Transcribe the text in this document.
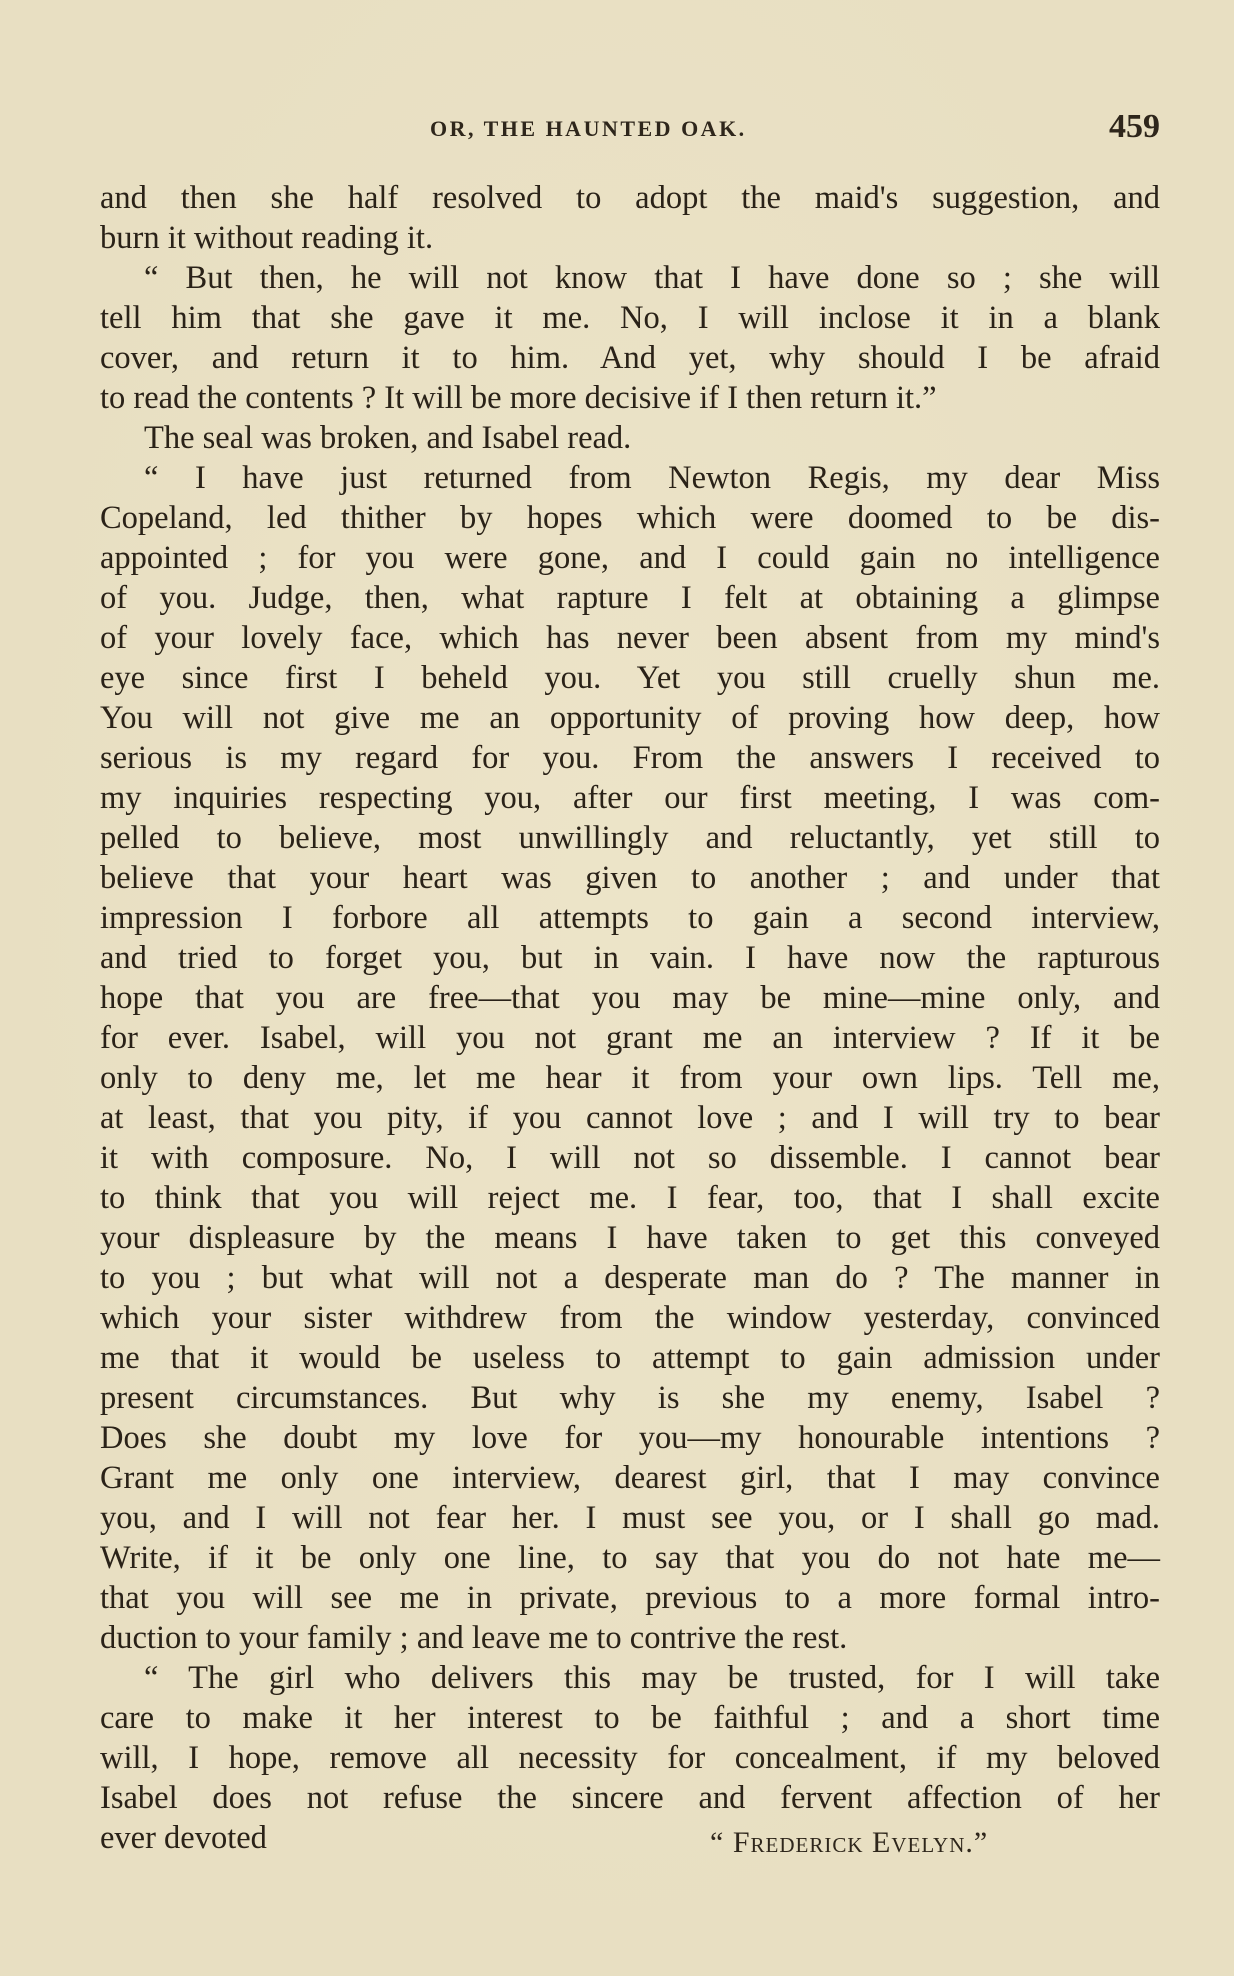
OR, THE HAUNTED OAK.	459
and then she half resolved to adopt the maid's suggestion, and
burn it without reading it.
“ But then, he will not know that I have done so ; she will
tell him that she gave it me. No, I will inclose it in a blank
cover, and return it to him. And yet, why should I be afraid
to read the contents ? It will be more decisive if I then return it.”
The seal was broken, and Isabel read.
“ I have just returned from Newton Regis, my dear Miss
Copeland, led thither by hopes which were doomed to be dis-
appointed ; for you were gone, and I could gain no intelligence
of you. Judge, then, what rapture I felt at obtaining a glimpse
of your lovely face, which has never been absent from my mind's
eye since first I beheld you. Yet you still cruelly shun me.
You will not give me an opportunity of proving how deep, how
serious is my regard for you. From the answers I received to
my inquiries respecting you, after our first meeting, I was com-
pelled to believe, most unwillingly and reluctantly, yet still to
believe that your heart was given to another ; and under that
impression I forbore all attempts to gain a second interview,
and tried to forget you, but in vain. I have now the rapturous
hope that you are free—that you may be mine—mine only, and
for ever. Isabel, will you not grant me an interview ? If it be
only to deny me, let me hear it from your own lips. Tell me,
at least, that you pity, if you cannot love ; and I will try to bear
it with composure. No, I will not so dissemble. I cannot bear
to think that you will reject me. I fear, too, that I shall excite
your displeasure by the means I have taken to get this conveyed
to you ; but what will not a desperate man do ? The manner in
which your sister withdrew from the window yesterday, convinced
me that it would be useless to attempt to gain admission under
present circumstances. But why is she my enemy, Isabel ?
Does she doubt my love for you—my honourable intentions ?
Grant me only one interview, dearest girl, that I may convince
you, and I will not fear her. I must see you, or I shall go mad.
Write, if it be only one line, to say that you do not hate me—
that you will see me in private, previous to a more formal intro-
duction to your family ; and leave me to contrive the rest.
“ The girl who delivers this may be trusted, for I will take
care to make it her interest to be faithful ; and a short time
will, I hope, remove all necessity for concealment, if my beloved
Isabel does not refuse the sincere and fervent affection of her
ever devoted	“ Frederick Evelyn.”
